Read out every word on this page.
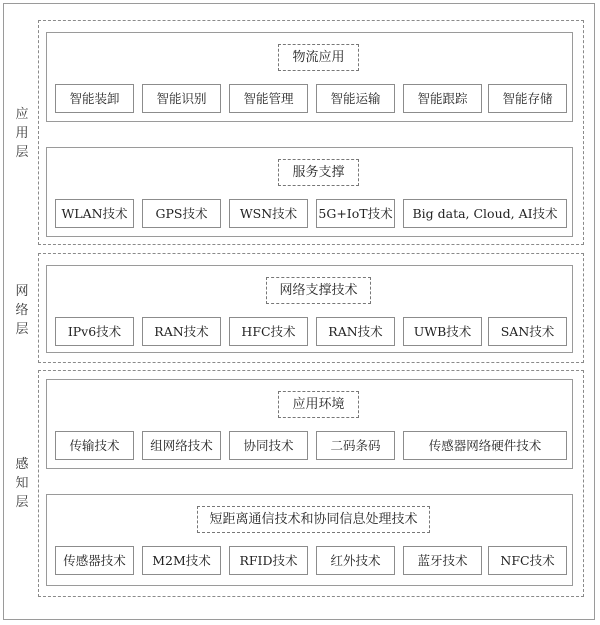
应
用
层
网
络
层
感
知
层
物流应用
智能装卸	智能识别	智能管理	智能运输	智能跟踪	智能存储
服务支撑
WLAN技术	GPS技术	WSN技术	5G+IoT技术	Big data, Cloud, AI技术
网络支撑技术
IPv6技术	RAN技术	HFC技术	RAN技术	UWB技术	SAN技术
应用环境
传输技术	组网络技术	协同技术	二码条码	传感器网络硬件技术
短距离通信技术和协同信息处理技术
传感器技术	M2M技术	RFID技术	红外技术	蓝牙技术	NFC技术
